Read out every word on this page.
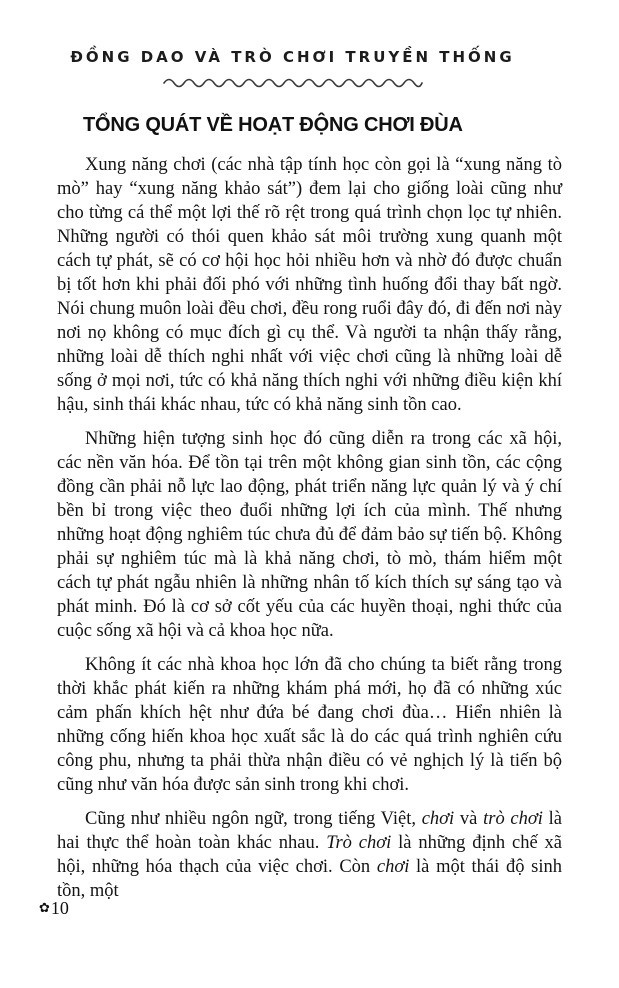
ĐỒNG DAO VÀ TRÒ CHƠI TRUYỀN THỐNG
TỔNG QUÁT VỀ HOẠT ĐỘNG CHƠI ĐÙA

Xung năng chơi (các nhà tập tính học còn gọi là “xung năng tò mò” hay “xung năng khảo sát”) đem lại cho giống loài cũng như cho từng cá thể một lợi thế rõ rệt trong quá trình chọn lọc tự nhiên. Những người có thói quen khảo sát môi trường xung quanh một cách tự phát, sẽ có cơ hội học hỏi nhiều hơn và nhờ đó được chuẩn bị tốt hơn khi phải đối phó với những tình huống đổi thay bất ngờ. Nói chung muôn loài đều chơi, đều rong ruổi đây đó, đi đến nơi này nơi nọ không có mục đích gì cụ thể. Và người ta nhận thấy rằng, những loài dễ thích nghi nhất với việc chơi cũng là những loài dễ sống ở mọi nơi, tức có khả năng thích nghi với những điều kiện khí hậu, sinh thái khác nhau, tức có khả năng sinh tồn cao.

Những hiện tượng sinh học đó cũng diễn ra trong các xã hội, các nền văn hóa. Để tồn tại trên một không gian sinh tồn, các cộng đồng cần phải nỗ lực lao động, phát triển năng lực quản lý và ý chí bền bỉ trong việc theo đuổi những lợi ích của mình. Thế nhưng những hoạt động nghiêm túc chưa đủ để đảm bảo sự tiến bộ. Không phải sự nghiêm túc mà là khả năng chơi, tò mò, thám hiểm một cách tự phát ngẫu nhiên là những nhân tố kích thích sự sáng tạo và phát minh. Đó là cơ sở cốt yếu của các huyền thoại, nghi thức của cuộc sống xã hội và cả khoa học nữa.

Không ít các nhà khoa học lớn đã cho chúng ta biết rằng trong thời khắc phát kiến ra những khám phá mới, họ đã có những xúc cảm phấn khích hệt như đứa bé đang chơi đùa… Hiển nhiên là những cống hiến khoa học xuất sắc là do các quá trình nghiên cứu công phu, nhưng ta phải thừa nhận điều có vẻ nghịch lý là tiến bộ cũng như văn hóa được sản sinh trong khi chơi.

Cũng như nhiều ngôn ngữ, trong tiếng Việt, chơi và trò chơi là hai thực thể hoàn toàn khác nhau. Trò chơi là những định chế xã hội, những hóa thạch của việc chơi. Còn chơi là một thái độ sinh tồn, một

✿ 10
